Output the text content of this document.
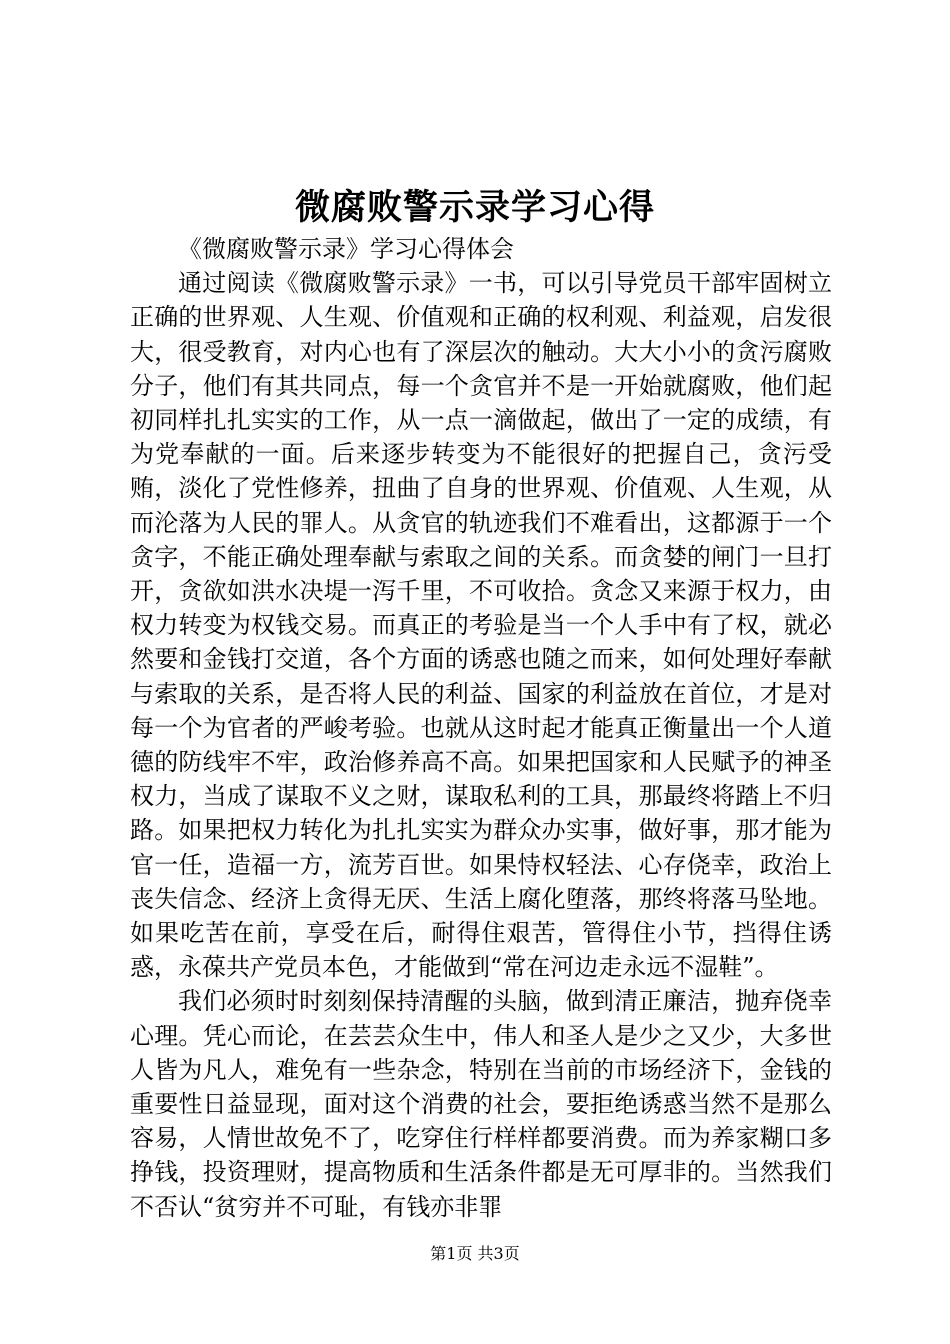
微腐败警示录学习心得

《微腐败警示录》学习心得体会

通过阅读《微腐败警示录》一书，可以引导党员干部牢固树立正确的世界观、人生观、价值观和正确的权利观、利益观，启发很大，很受教育，对内心也有了深层次的触动。大大小小的贪污腐败分子，他们有其共同点，每一个贪官并不是一开始就腐败，他们起初同样扎扎实实的工作，从一点一滴做起，做出了一定的成绩，有为党奉献的一面。后来逐步转变为不能很好的把握自己，贪污受贿，淡化了党性修养，扭曲了自身的世界观、价值观、人生观，从而沦落为人民的罪人。从贪官的轨迹我们不难看出，这都源于一个贪字，不能正确处理奉献与索取之间的关系。而贪婪的闸门一旦打开，贪欲如洪水决堤一泻千里，不可收拾。贪念又来源于权力，由权力转变为权钱交易。而真正的考验是当一个人手中有了权，就必然要和金钱打交道，各个方面的诱惑也随之而来，如何处理好奉献与索取的关系，是否将人民的利益、国家的利益放在首位，才是对每一个为官者的严峻考验。也就从这时起才能真正衡量出一个人道德的防线牢不牢，政治修养高不高。如果把国家和人民赋予的神圣权力，当成了谋取不义之财，谋取私利的工具，那最终将踏上不归路。如果把权力转化为扎扎实实为群众办实事，做好事，那才能为官一任，造福一方，流芳百世。如果恃权轻法、心存侥幸，政治上丧失信念、经济上贪得无厌、生活上腐化堕落，那终将落马坠地。如果吃苦在前，享受在后，耐得住艰苦，管得住小节，挡得住诱惑，永葆共产党员本色，才能做到“常在河边走永远不湿鞋”。

我们必须时时刻刻保持清醒的头脑，做到清正廉洁，抛弃侥幸心理。凭心而论，在芸芸众生中，伟人和圣人是少之又少，大多世人皆为凡人，难免有一些杂念，特别在当前的市场经济下，金钱的重要性日益显现，面对这个消费的社会，要拒绝诱惑当然不是那么容易，人情世故免不了，吃穿住行样样都要消费。而为养家糊口多挣钱，投资理财，提高物质和生活条件都是无可厚非的。当然我们不否认“贫穷并不可耻，有钱亦非罪

第1页 共3页
